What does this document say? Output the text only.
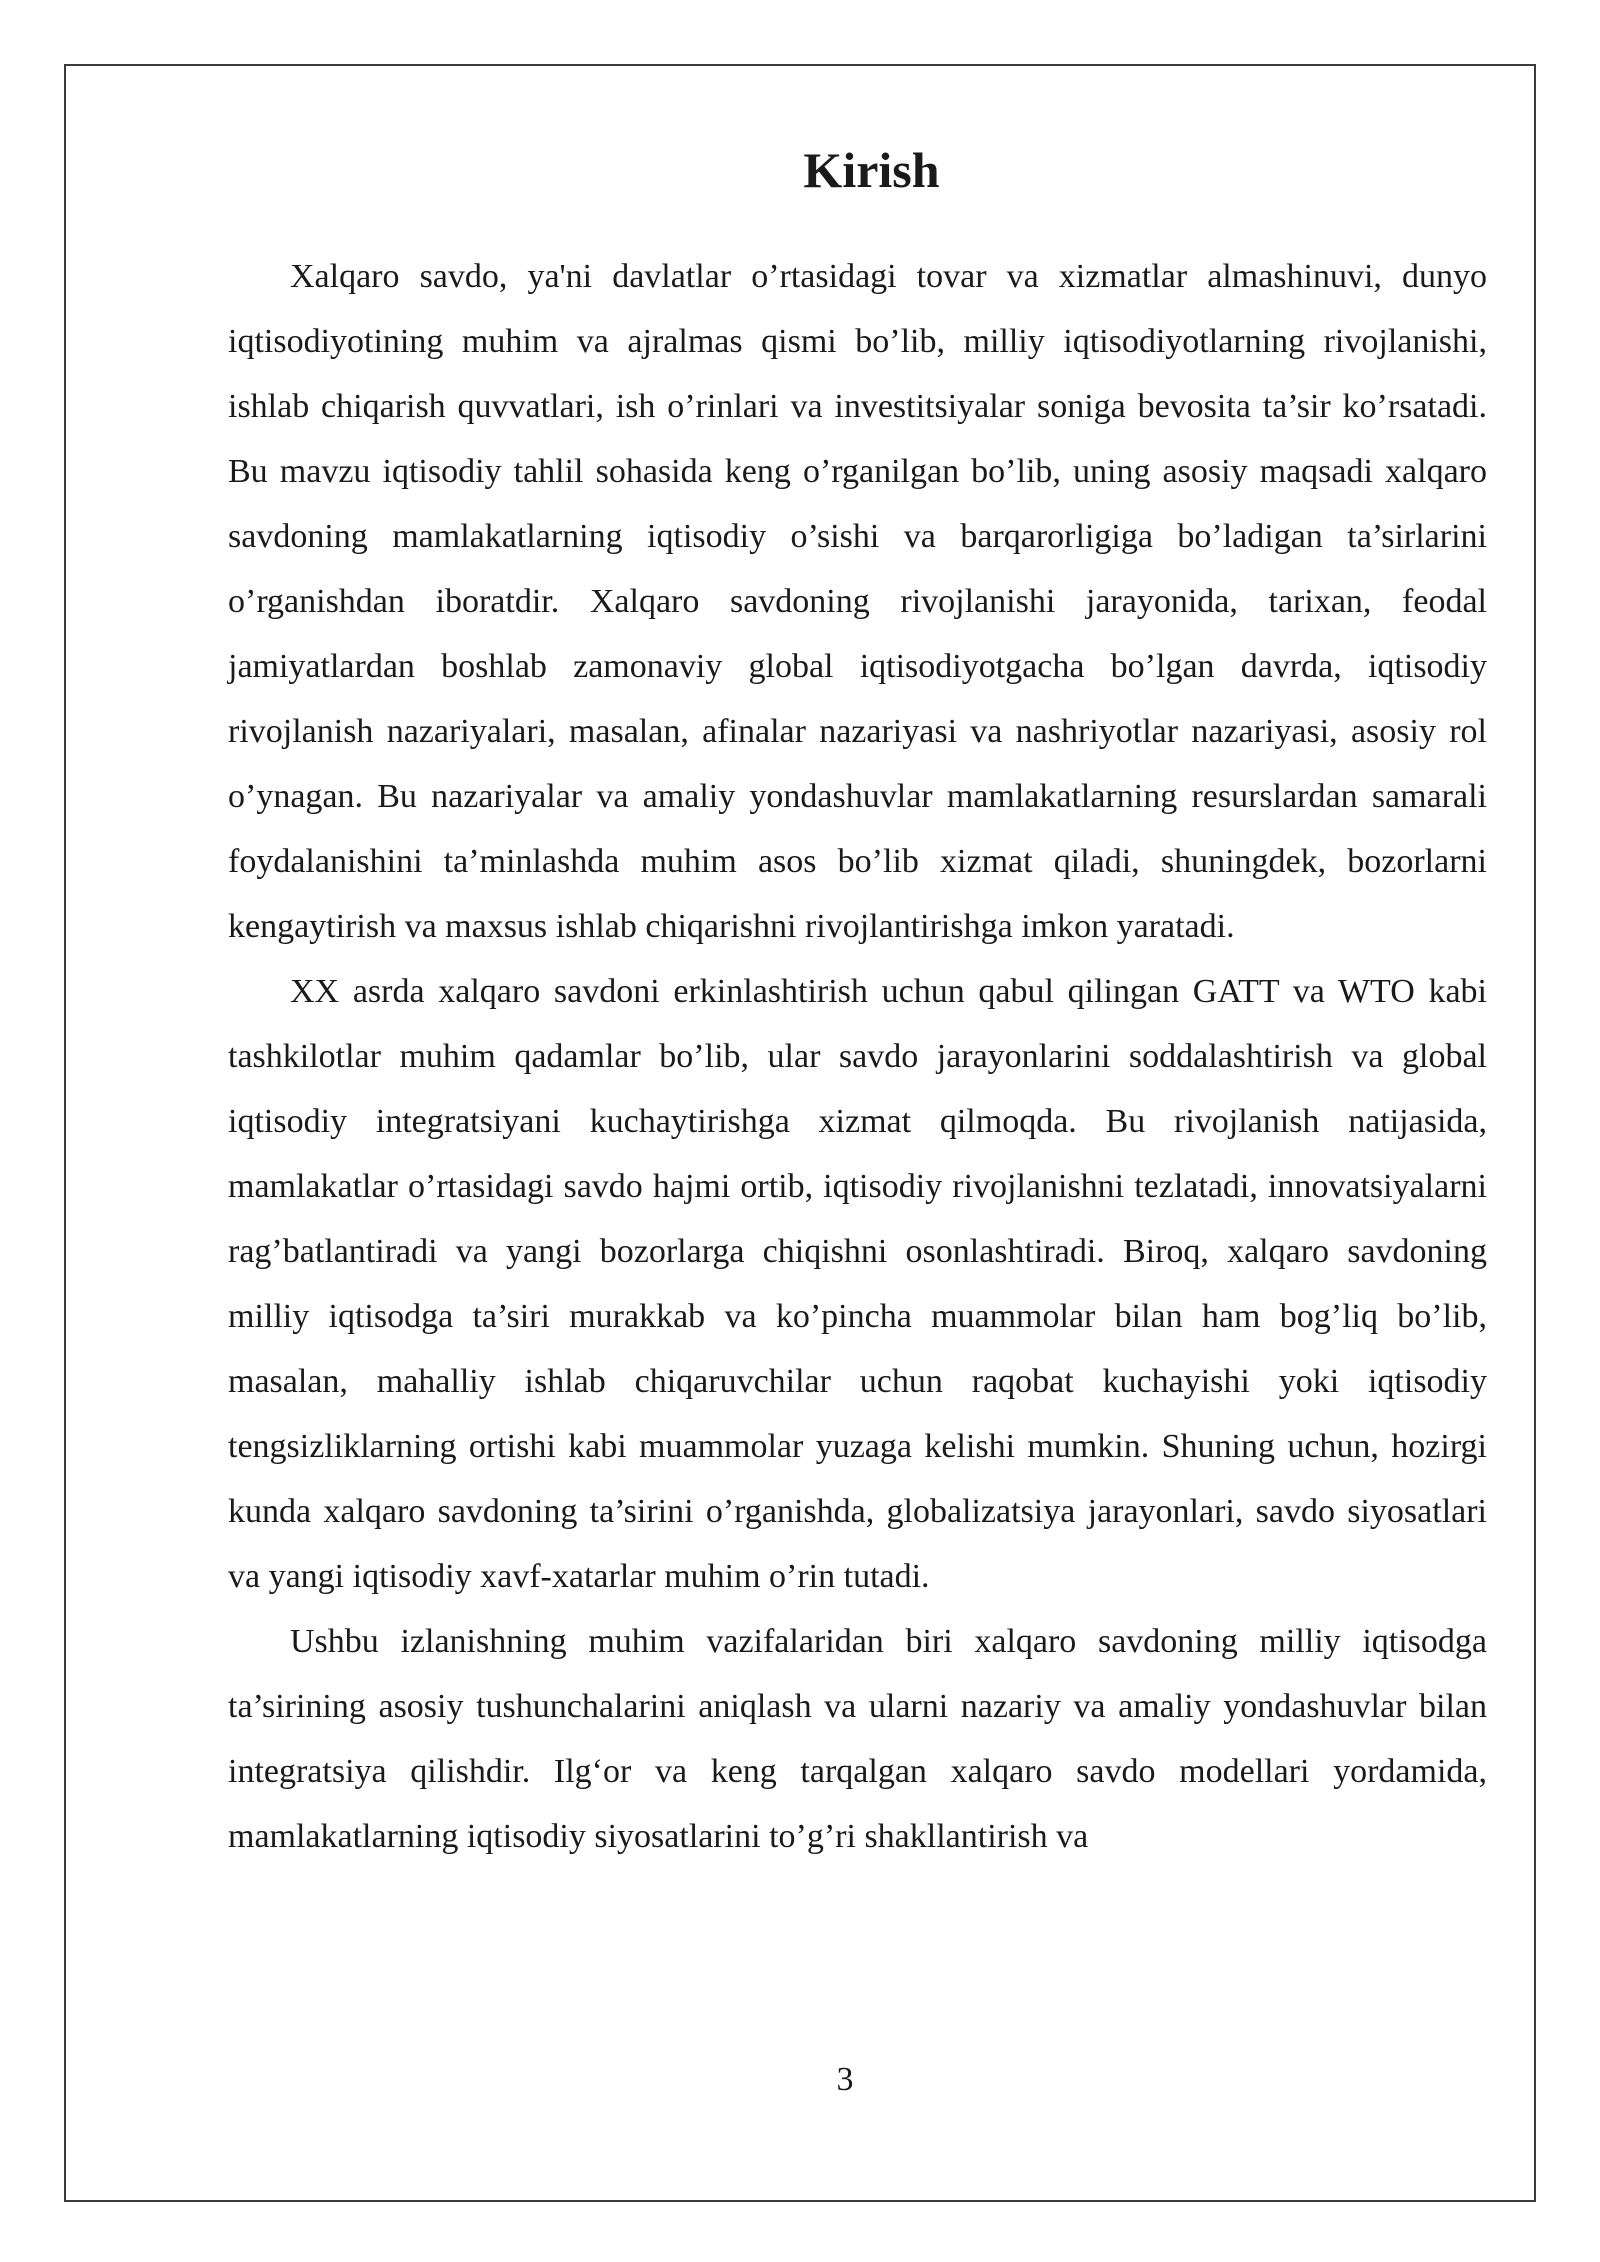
Kirish

Xalqaro savdo, ya'ni davlatlar o’rtasidagi tovar va xizmatlar almashinuvi, dunyo iqtisodiyotining muhim va ajralmas qismi bo’lib, milliy iqtisodiyotlarning rivojlanishi, ishlab chiqarish quvvatlari, ish o’rinlari va investitsiyalar soniga bevosita ta’sir ko’rsatadi. Bu mavzu iqtisodiy tahlil sohasida keng o’rganilgan bo’lib, uning asosiy maqsadi xalqaro savdoning mamlakatlarning iqtisodiy o’sishi va barqarorligiga bo’ladigan ta’sirlarini o’rganishdan iboratdir. Xalqaro savdoning rivojlanishi jarayonida, tarixan, feodal jamiyatlardan boshlab zamonaviy global iqtisodiyotgacha bo’lgan davrda, iqtisodiy rivojlanish nazariyalari, masalan, afinalar nazariyasi va nashriyotlar nazariyasi, asosiy rol o’ynagan. Bu nazariyalar va amaliy yondashuvlar mamlakatlarning resurslardan samarali foydalanishini ta’minlashda muhim asos bo’lib xizmat qiladi, shuningdek, bozorlarni kengaytirish va maxsus ishlab chiqarishni rivojlantirishga imkon yaratadi.

XX asrda xalqaro savdoni erkinlashtirish uchun qabul qilingan GATT va WTO kabi tashkilotlar muhim qadamlar bo’lib, ular savdo jarayonlarini soddalashtirish va global iqtisodiy integratsiyani kuchaytirishga xizmat qilmoqda. Bu rivojlanish natijasida, mamlakatlar o’rtasidagi savdo hajmi ortib, iqtisodiy rivojlanishni tezlatadi, innovatsiyalarni rag’batlantiradi va yangi bozorlarga chiqishni osonlashtiradi. Biroq, xalqaro savdoning milliy iqtisodga ta’siri murakkab va ko’pincha muammolar bilan ham bog’liq bo’lib, masalan, mahalliy ishlab chiqaruvchilar uchun raqobat kuchayishi yoki iqtisodiy tengsizliklarning ortishi kabi muammolar yuzaga kelishi mumkin. Shuning uchun, hozirgi kunda xalqaro savdoning ta’sirini o’rganishda, globalizatsiya jarayonlari, savdo siyosatlari va yangi iqtisodiy xavf-xatarlar muhim o’rin tutadi.

Ushbu izlanishning muhim vazifalaridan biri xalqaro savdoning milliy iqtisodga ta’sirining asosiy tushunchalarini aniqlash va ularni nazariy va amaliy yondashuvlar bilan integratsiya qilishdir. Ilg‘or va keng tarqalgan xalqaro savdo modellari yordamida, mamlakatlarning iqtisodiy siyosatlarini to’g’ri shakllantirish va

3
